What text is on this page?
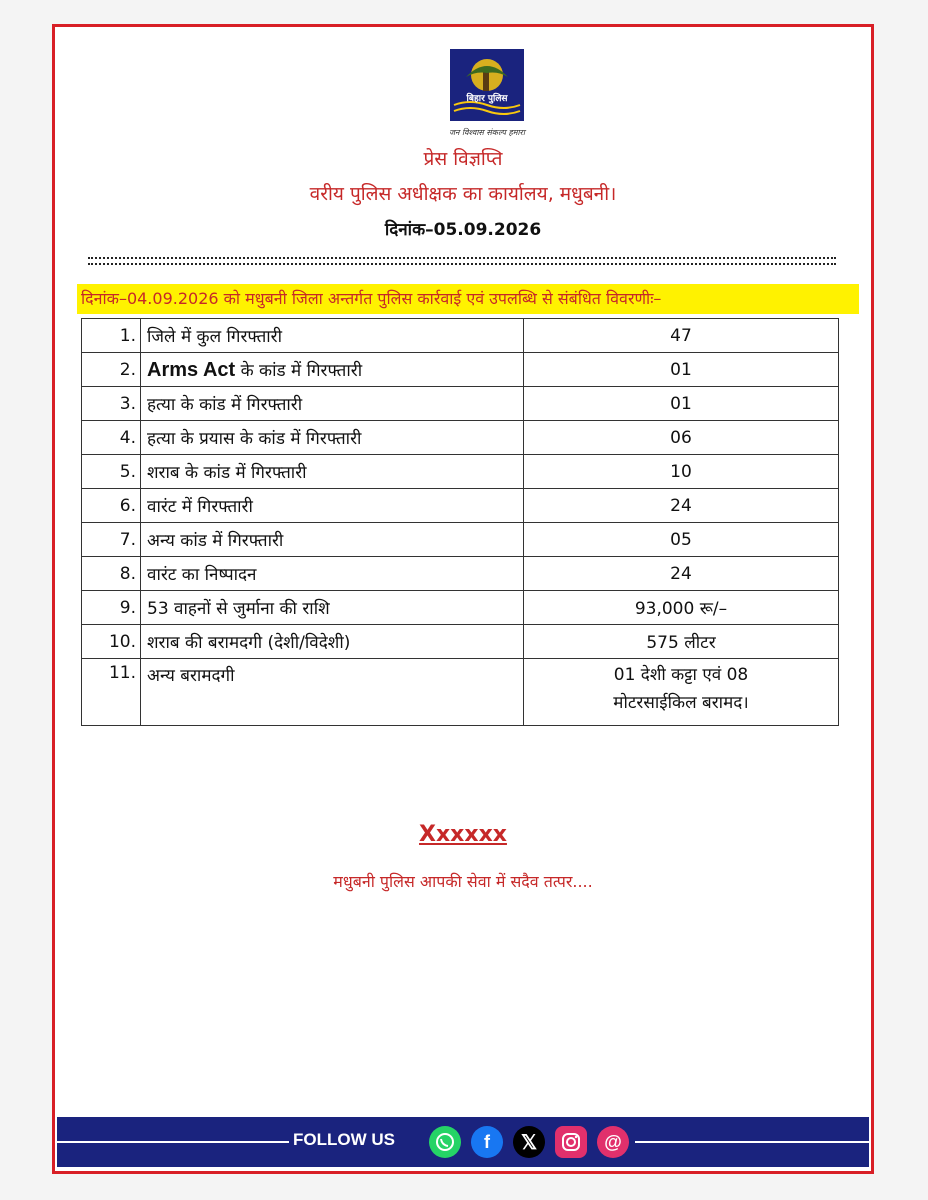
बिहार पुलिस
जन विश्वास संकल्प हमारा
प्रेस विज्ञप्ति
वरीय पुलिस अधीक्षक का कार्यालय, मधुबनी।
दिनांक–05.09.2026
दिनांक–04.09.2026 को मधुबनी जिला अन्तर्गत पुलिस कार्रवाई एवं उपलब्धि से संबंधित विवरणीः–
1.	जिले में कुल गिरफ्तारी	47
2.	Arms Act के कांड में गिरफ्तारी	01
3.	हत्या के कांड में गिरफ्तारी	01
4.	हत्या के प्रयास के कांड में गिरफ्तारी	06
5.	शराब के कांड में गिरफ्तारी	10
6.	वारंट में गिरफ्तारी	24
7.	अन्य कांड में गिरफ्तारी	05
8.	वारंट का निष्पादन	24
9.	53 वाहनों से जुर्माना की राशि	93,000 रू/–
10.	शराब की बरामदगी (देशी/विदेशी)	575 लीटर
11.	अन्य बरामदगी	01 देशी कट्टा एवं 08
मोटरसाईकिल बरामद।
Xxxxxx
मधुबनी पुलिस आपकी सेवा में सदैव तत्पर....
FOLLOW US	f	𝕏	@
